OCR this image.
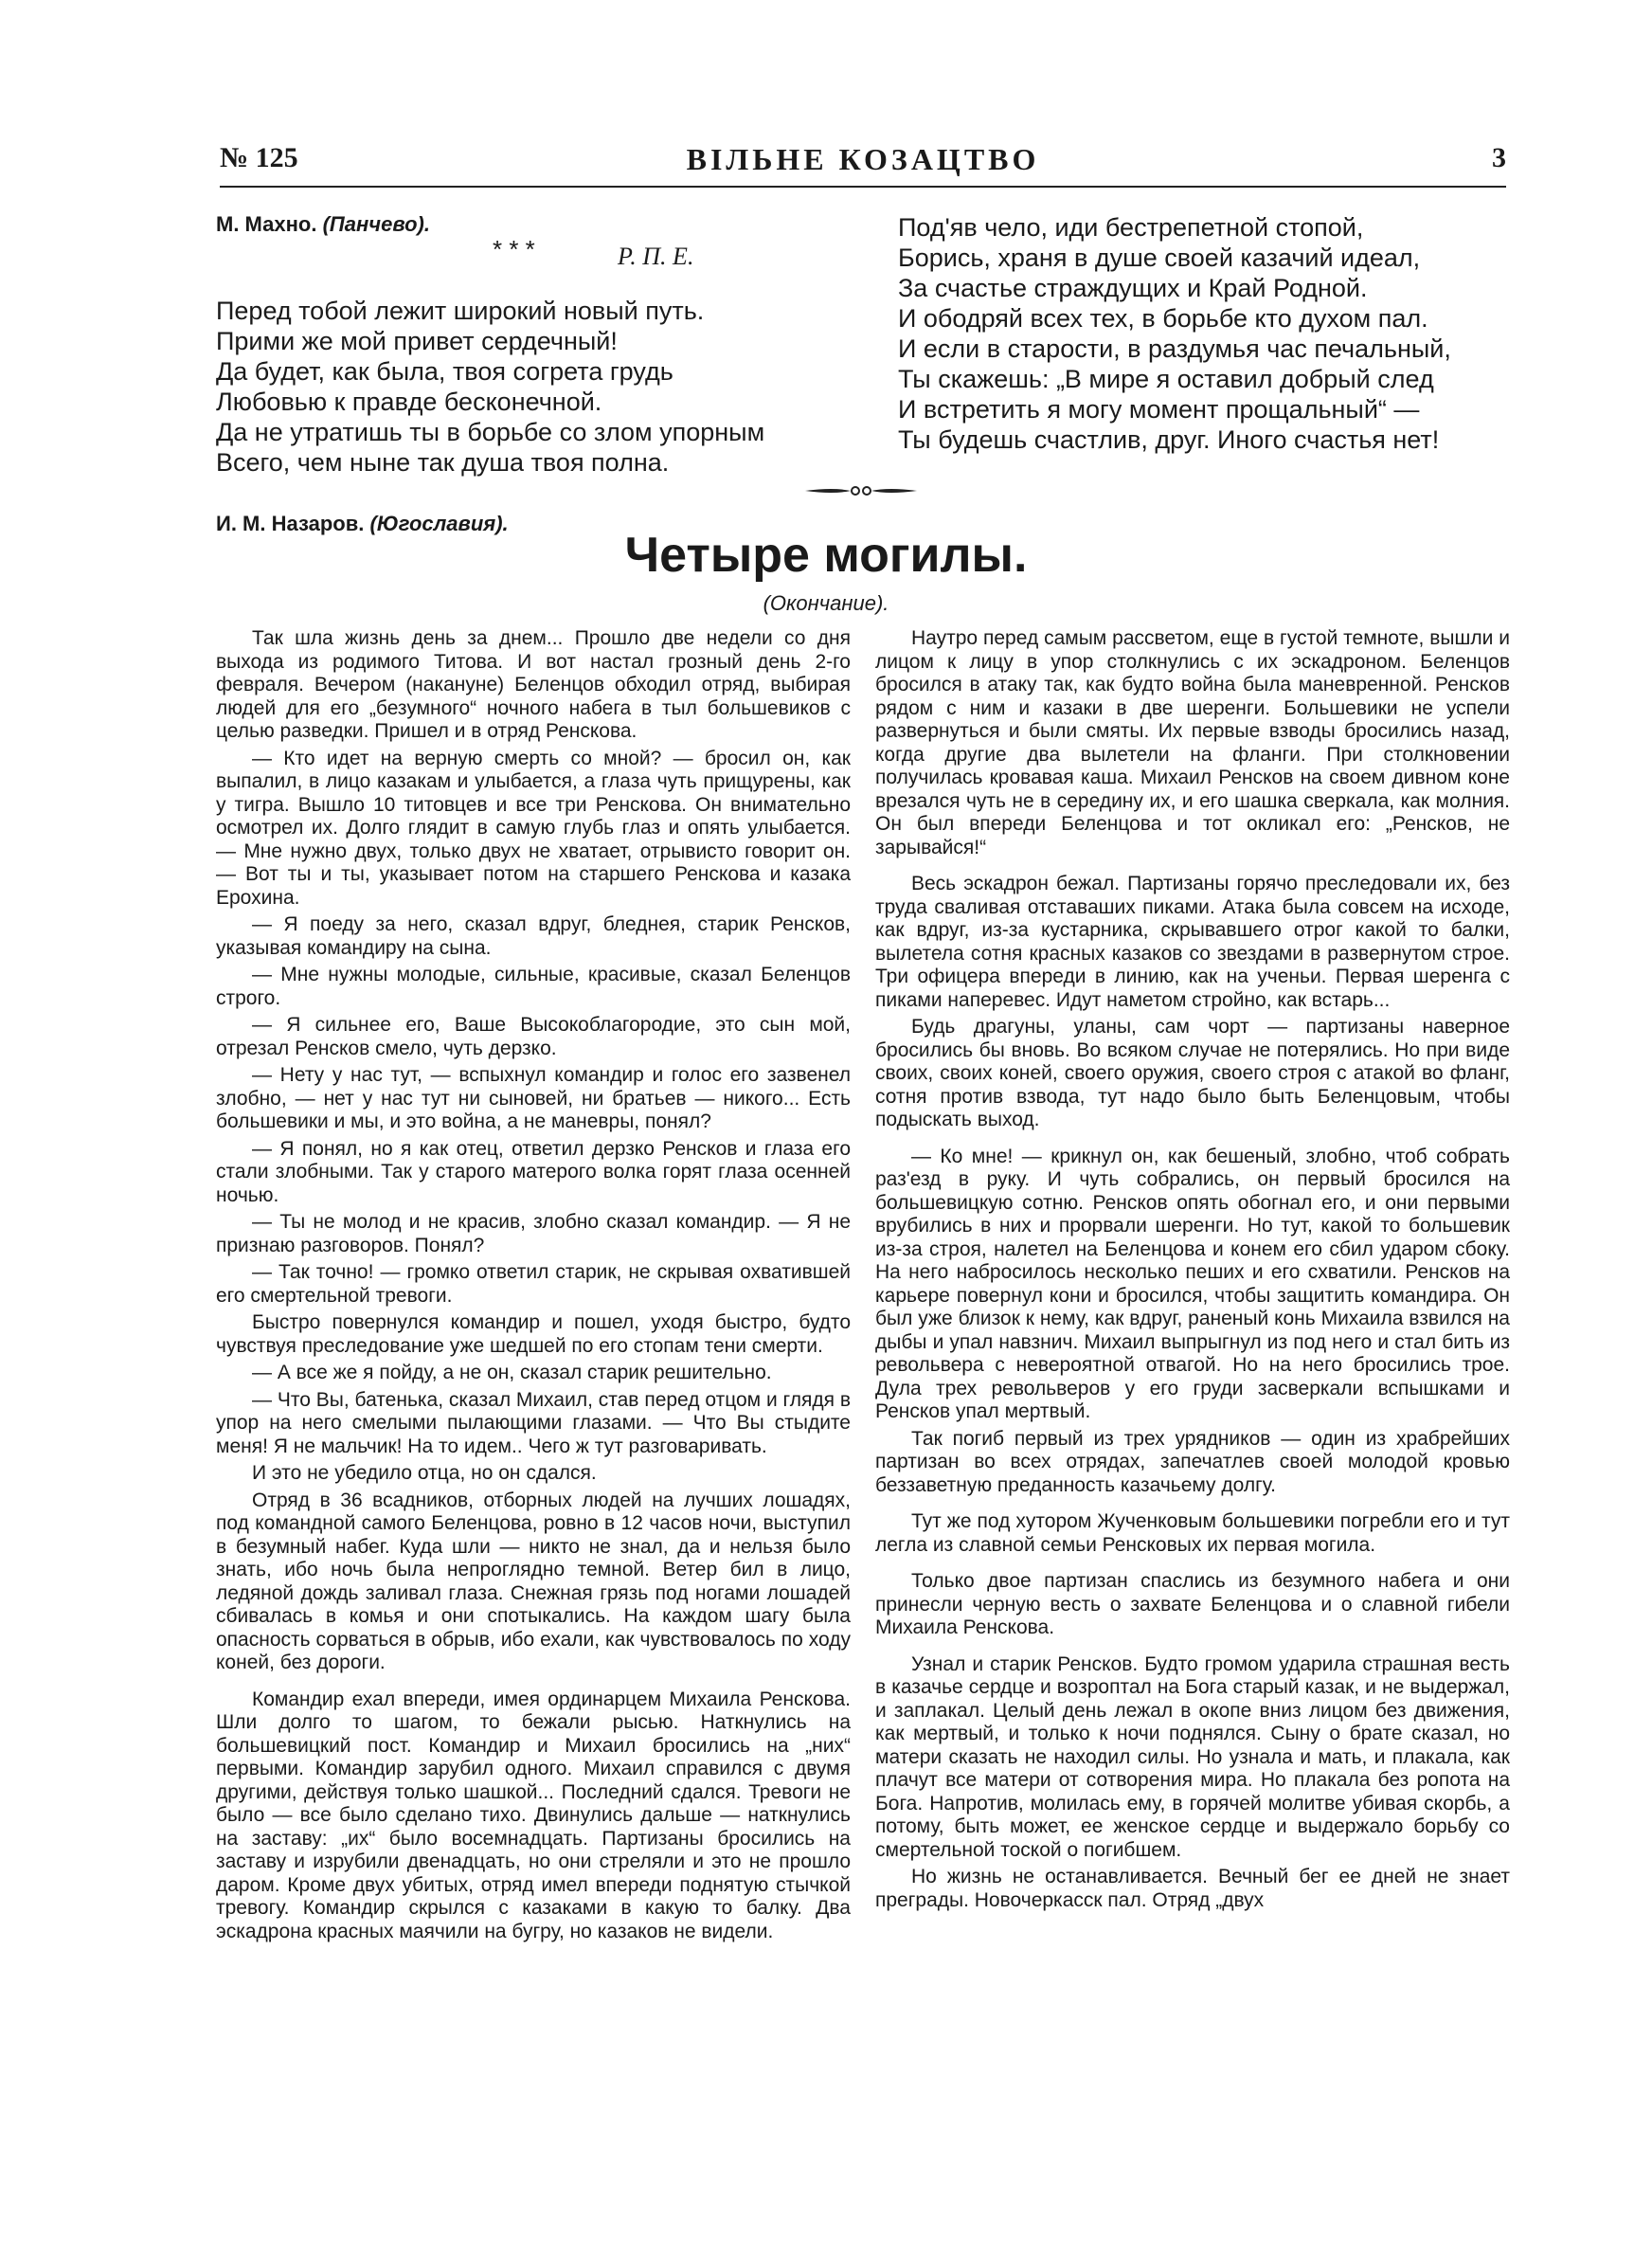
№ 125	ВІЛЬНЕ КОЗАЦТВО	3
М. Махно. (Панчево).
* * *	Р. П. Е.
Перед тобой лежит широкий новый путь.
Прими же мой привет сердечный!
Да будет, как была, твоя согрета грудь
Любовью к правде бесконечной.
Да не утратишь ты в борьбе со злом упорным
Всего, чем ныне так душа твоя полна.
Под'яв чело, иди бестрепетной стопой,
Борись, храня в душе своей казачий идеал,
За счастье страждущих и Край Родной.
И ободряй всех тех, в борьбе кто духом пал.
И если в старости, в раздумья час печальный,
Ты скажешь: „В мире я оставил добрый след
И встретить я могу момент прощальный“ —
Ты будешь счастлив, друг. Иного счастья нет!
И. М. Назаров. (Югославия).
Четыре могилы.
(Окончание).

Так шла жизнь день за днем... Прошло две недели со дня выхода из родимого Титова. И вот настал грозный день 2-го февраля. Вечером (накануне) Беленцов обходил отряд, выбирая людей для его „безумного“ ночного набега в тыл большевиков с целью разведки. Пришел и в отряд Ренскова.

— Кто идет на верную смерть со мной? — бросил он, как выпалил, в лицо казакам и улыбается, а глаза чуть прищурены, как у тигра. Вышло 10 титовцев и все три Ренскова. Он внимательно осмотрел их. Долго глядит в самую глубь глаз и опять улыбается. — Мне нужно двух, только двух не хватает, отрывисто говорит он. — Вот ты и ты, указывает потом на старшего Ренскова и казака Ерохина.

— Я поеду за него, сказал вдруг, бледнея, старик Ренсков, указывая командиру на сына.

— Мне нужны молодые, сильные, красивые, сказал Беленцов строго.

— Я сильнее его, Ваше Высокоблагородие, это сын мой, отрезал Ренсков смело, чуть дерзко.

— Нету у нас тут, — вспыхнул командир и голос его зазвенел злобно, — нет у нас тут ни сыновей, ни братьев — никого... Есть большевики и мы, и это война, а не маневры, понял?

— Я понял, но я как отец, ответил дерзко Ренсков и глаза его стали злобными. Так у старого матерого волка горят глаза осенней ночью.

— Ты не молод и не красив, злобно сказал командир. — Я не признаю разговоров. Понял?

— Так точно! — громко ответил старик, не скрывая охватившей его смертельной тревоги.

Быстро повернулся командир и пошел, уходя быстро, будто чувствуя преследование уже шедшей по его стопам тени смерти.

— А все же я пойду, а не он, сказал старик решительно.

— Что Вы, батенька, сказал Михаил, став перед отцом и глядя в упор на него смелыми пылающими глазами. — Что Вы стыдите меня! Я не мальчик! На то идем.. Чего ж тут разговаривать.

И это не убедило отца, но он сдался.

Отряд в 36 всадников, отборных людей на лучших лошадях, под командной самого Беленцова, ровно в 12 часов ночи, выступил в безумный набег. Куда шли — никто не знал, да и нельзя было знать, ибо ночь была непроглядно темной. Ветер бил в лицо, ледяной дождь заливал глаза. Снежная грязь под ногами лошадей сбивалась в комья и они спотыкались. На каждом шагу была опасность сорваться в обрыв, ибо ехали, как чувствовалось по ходу коней, без дороги.

Командир ехал впереди, имея ординарцем Михаила Ренскова. Шли долго то шагом, то бежали рысью. Наткнулись на большевицкий пост. Командир и Михаил бросились на „них“ первыми. Командир зарубил одного. Михаил справился с двумя другими, действуя только шашкой... Последний сдался. Тревоги не было — все было сделано тихо. Двинулись дальше — наткнулись на заставу: „их“ было восемнадцать. Партизаны бросились на заставу и изрубили двенадцать, но они стреляли и это не прошло даром. Кроме двух убитых, отряд имел впереди поднятую стычкой тревогу. Командир скрылся с казаками в какую то балку. Два эскадрона красных маячили на бугру, но казаков не видели.

Наутро перед самым рассветом, еще в густой темноте, вышли и лицом к лицу в упор столкнулись с их эскадроном. Беленцов бросился в атаку так, как будто война была маневренной. Ренсков рядом с ним и казаки в две шеренги. Большевики не успели развернуться и были смяты. Их первые взводы бросились назад, когда другие два вылетели на фланги. При столкновении получилась кровавая каша. Михаил Ренсков на своем дивном коне врезался чуть не в середину их, и его шашка сверкала, как молния. Он был впереди Беленцова и тот окликал его: „Ренсков, не зарывайся!“

Весь эскадрон бежал. Партизаны горячо преследовали их, без труда сваливая отставаших пиками. Атака была совсем на исходе, как вдруг, из-за кустарника, скрывавшего отрог какой то балки, вылетела сотня красных казаков со звездами в развернутом строе. Три офицера впереди в линию, как на ученьи. Первая шеренга с пиками наперевес. Идут наметом стройно, как встарь...

Будь драгуны, уланы, сам чорт — партизаны наверное бросились бы вновь. Во всяком случае не потерялись. Но при виде своих, своих коней, своего оружия, своего строя с атакой во фланг, сотня против взвода, тут надо было быть Беленцовым, чтобы подыскать выход.

— Ко мне! — крикнул он, как бешеный, злобно, чтоб собрать раз'езд в руку. И чуть собрались, он первый бросился на большевицкую сотню. Ренсков опять обогнал его, и они первыми врубились в них и прорвали шеренги. Но тут, какой то большевик из-за строя, налетел на Беленцова и конем его сбил ударом сбоку. На него набросилось несколько пеших и его схватили. Ренсков на карьере повернул кони и бросился, чтобы защитить командира. Он был уже близок к нему, как вдруг, раненый конь Михаила взвился на дыбы и упал навзнич. Михаил выпрыгнул из под него и стал бить из револьвера с невероятной отвагой. Но на него бросились трое. Дула трех револьверов у его груди засверкали вспышками и Ренсков упал мертвый.

Так погиб первый из трех урядников — один из храбрейших партизан во всех отрядах, запечатлев своей молодой кровью беззаветную преданность казачьему долгу.

Тут же под хутором Жученковым большевики погребли его и тут легла из славной семьи Ренсковых их первая могила.

Только двое партизан спаслись из безумного набега и они принесли черную весть о захвате Беленцова и о славной гибели Михаила Ренскова.

Узнал и старик Ренсков. Будто громом ударила страшная весть в казачье сердце и возроптал на Бога старый казак, и не выдержал, и заплакал. Целый день лежал в окопе вниз лицом без движения, как мертвый, и только к ночи поднялся. Сыну о брате сказал, но матери сказать не находил силы. Но узнала и мать, и плакала, как плачут все матери от сотворения мира. Но плакала без ропота на Бога. Напротив, молилась ему, в горячей молитве убивая скорбь, а потому, быть может, ее женское сердце и выдержало борьбу со смертельной тоской о погибшем.

Но жизнь не останавливается. Вечный бег ее дней не знает преграды. Новочеркасск пал. Отряд „двух
